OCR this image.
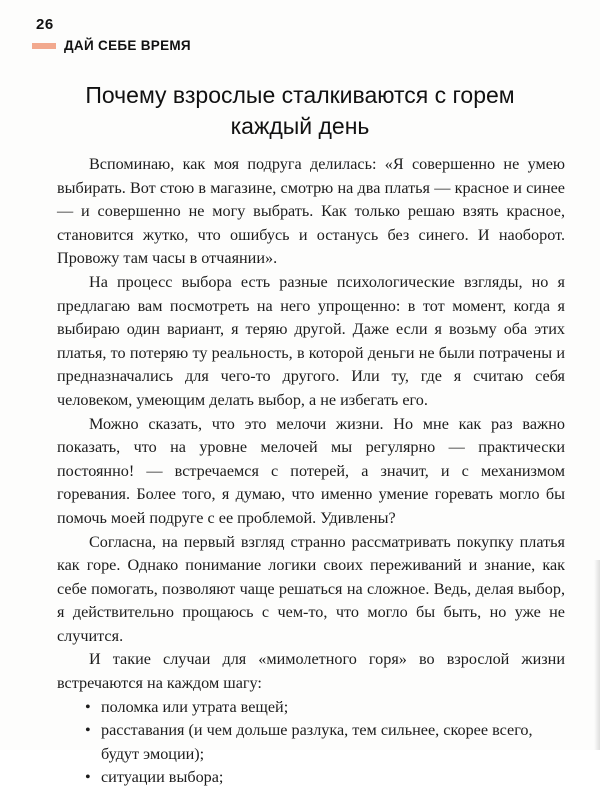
26
ДАЙ СЕБЕ ВРЕМЯ
Почему взрослые сталкиваются с горем
каждый день

Вспоминаю, как моя подруга делилась: «Я совершенно не умею выбирать. Вот стою в магазине, смотрю на два платья — красное и синее — и совершенно не могу выбрать. Как только решаю взять красное, становится жутко, что ошибусь и останусь без синего. И наоборот. Провожу там часы в отчаянии».

На процесс выбора есть разные психологические взгляды, но я предлагаю вам посмотреть на него упрощенно: в тот момент, когда я выбираю один вариант, я теряю другой. Даже если я возьму оба этих платья, то потеряю ту реальность, в которой деньги не были потрачены и предназначались для чего-то другого. Или ту, где я считаю себя человеком, умеющим делать выбор, а не избегать его.

Можно сказать, что это мелочи жизни. Но мне как раз важно показать, что на уровне мелочей мы регулярно — практически постоянно! — встречаемся с потерей, а значит, и с механизмом горевания. Более того, я думаю, что именно умение горевать могло бы помочь моей подруге с ее проблемой. Удивлены?

Согласна, на первый взгляд странно рассматривать покупку платья как горе. Однако понимание логики своих переживаний и знание, как себе помогать, позволяют чаще решаться на сложное. Ведь, делая выбор, я действительно прощаюсь с чем-то, что могло бы быть, но уже не случится.

И такие случаи для «мимолетного горя» во взрослой жизни встречаются на каждом шагу:

• поломка или утрата вещей;
• расставания (и чем дольше разлука, тем сильнее, скорее всего, будут эмоции);
• ситуации выбора;
